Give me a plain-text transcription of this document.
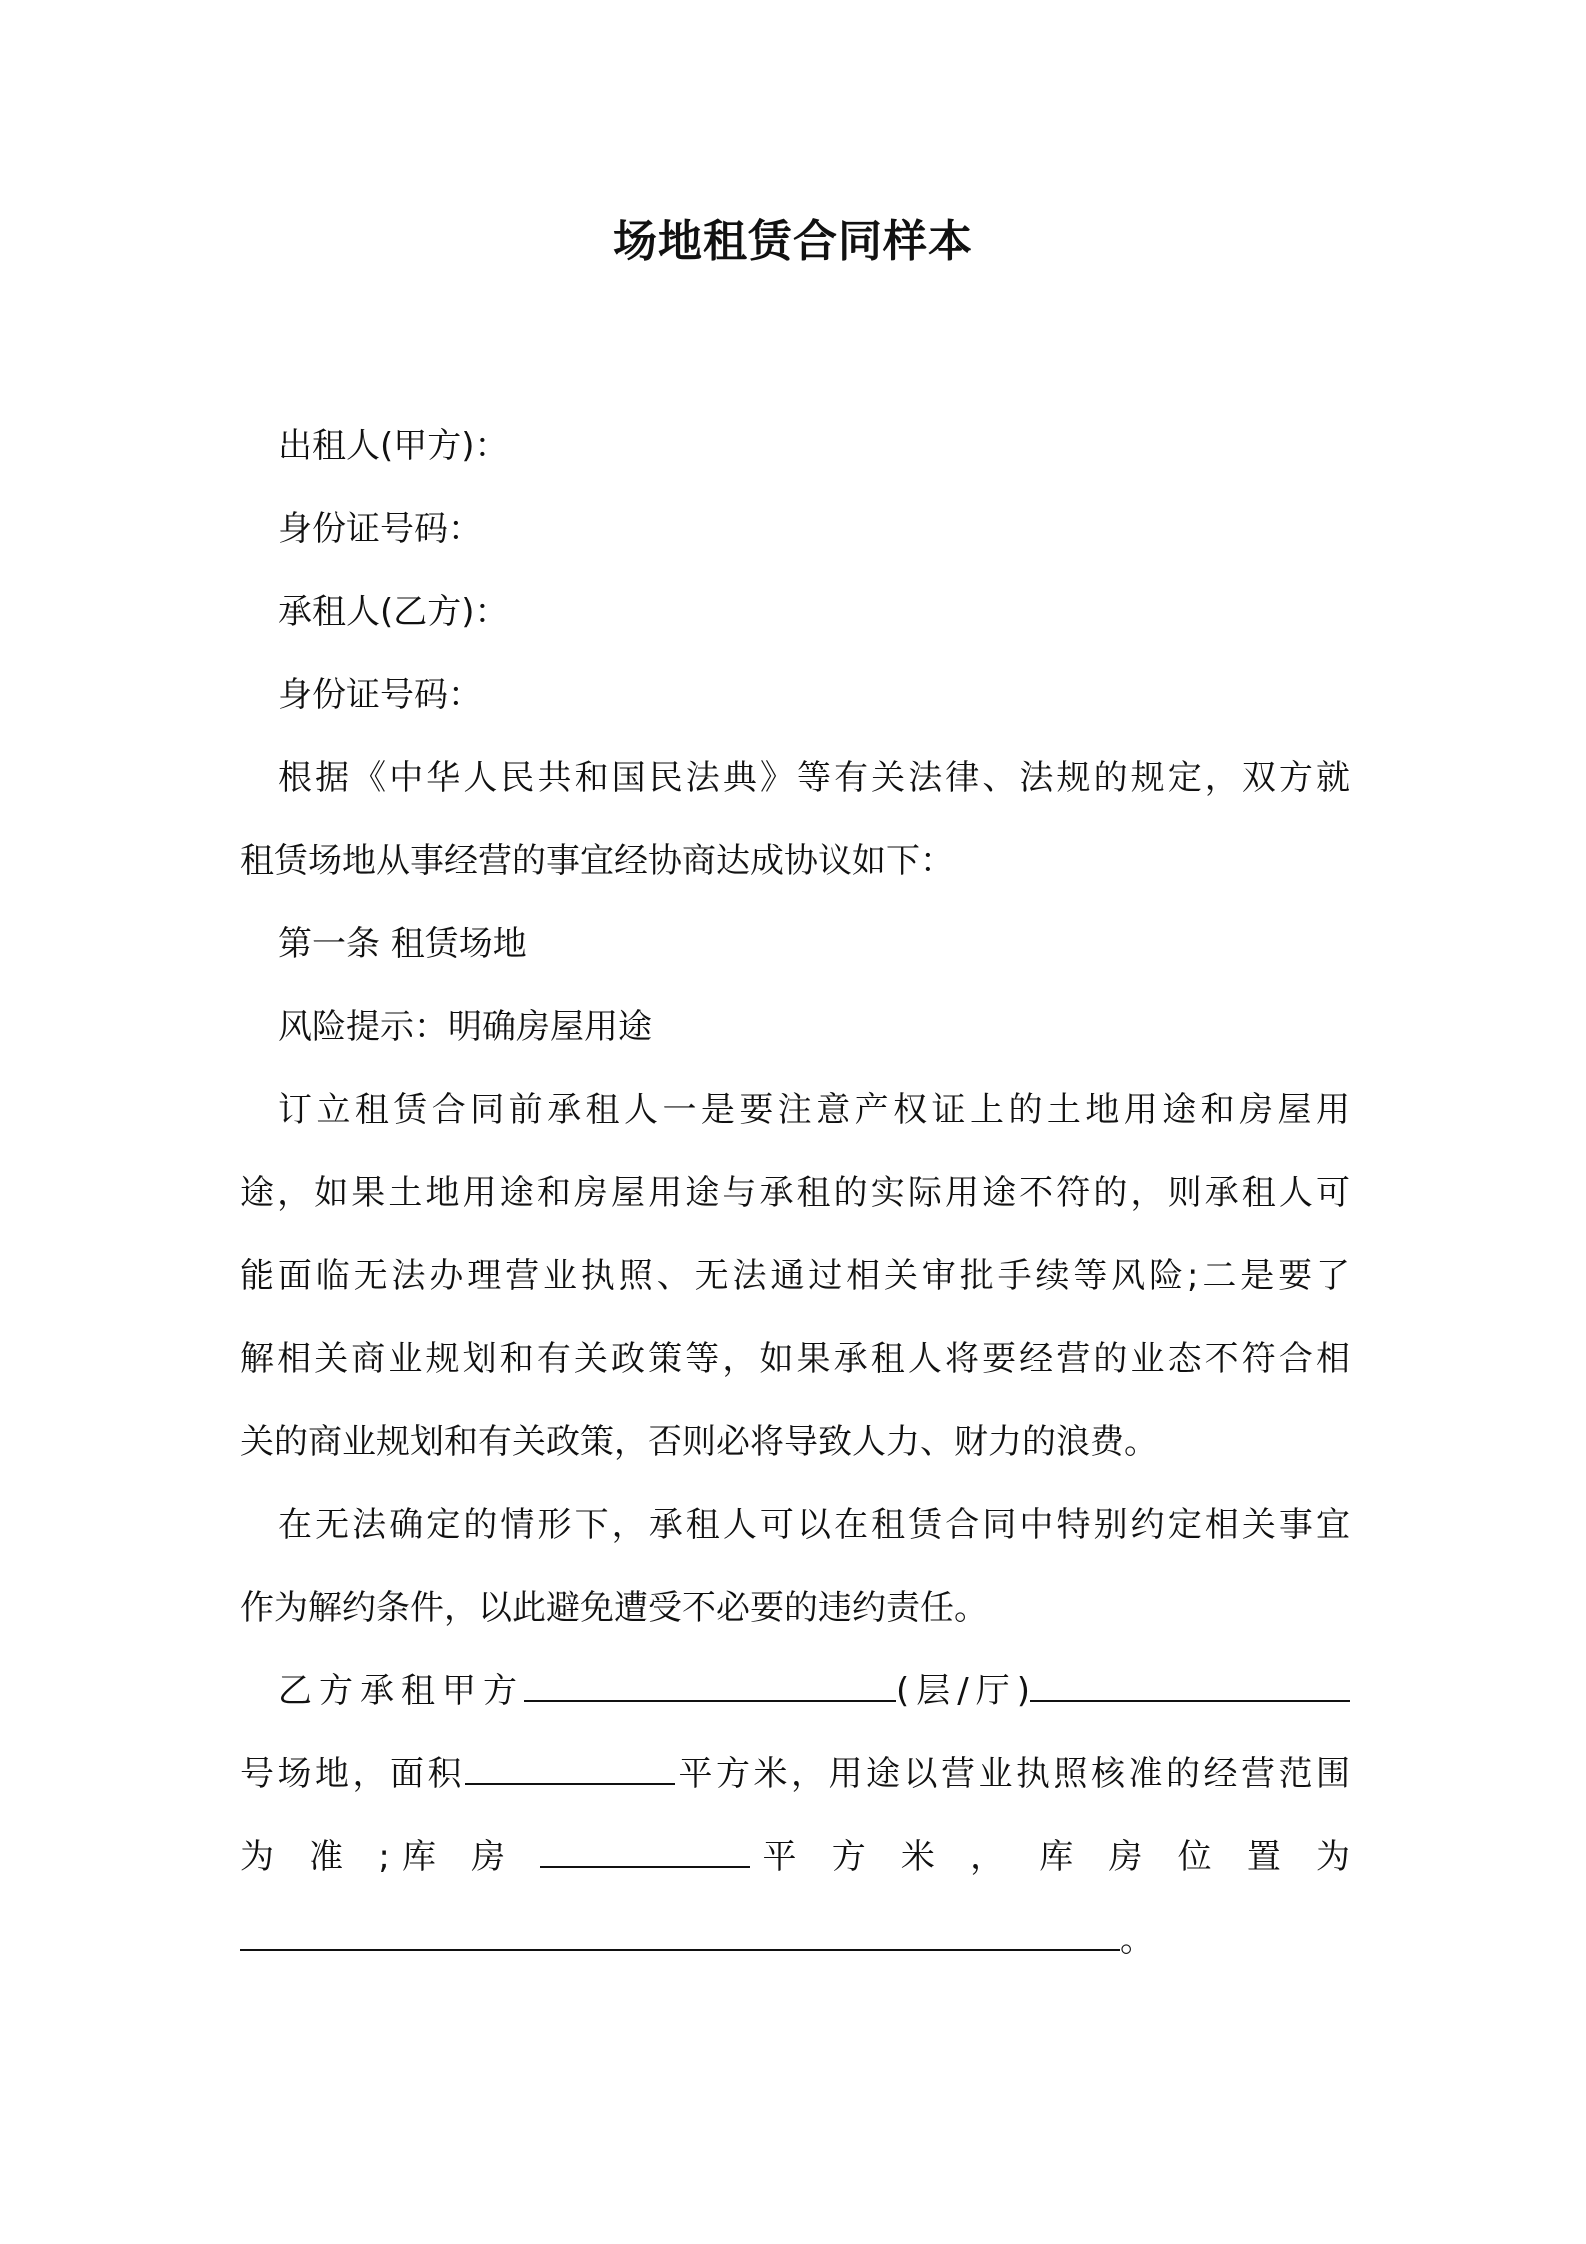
场地租赁合同样本

出租人(甲方)：

身份证号码：

承租人(乙方)：

身份证号码：

根据《中华人民共和国民法典》等有关法律、法规的规定，双方就

租赁场地从事经营的事宜经协商达成协议如下：

第一条 租赁场地

风险提示：明确房屋用途

订立租赁合同前承租人一是要注意产权证上的土地用途和房屋用

途，如果土地用途和房屋用途与承租的实际用途不符的，则承租人可

能面临无法办理营业执照、无法通过相关审批手续等风险;二是要了

解相关商业规划和有关政策等，如果承租人将要经营的业态不符合相

关的商业规划和有关政策，否则必将导致人力、财力的浪费。

在无法确定的情形下，承租人可以在租赁合同中特别约定相关事宜

作为解约条件，以此避免遭受不必要的违约责任。

乙方承租甲方	(层/厅)

号场地，面积	平方米，用途以营业执照核准的经营范围

为 准 ;库 房	平 方 米 ， 库 房 位 置 为

。
